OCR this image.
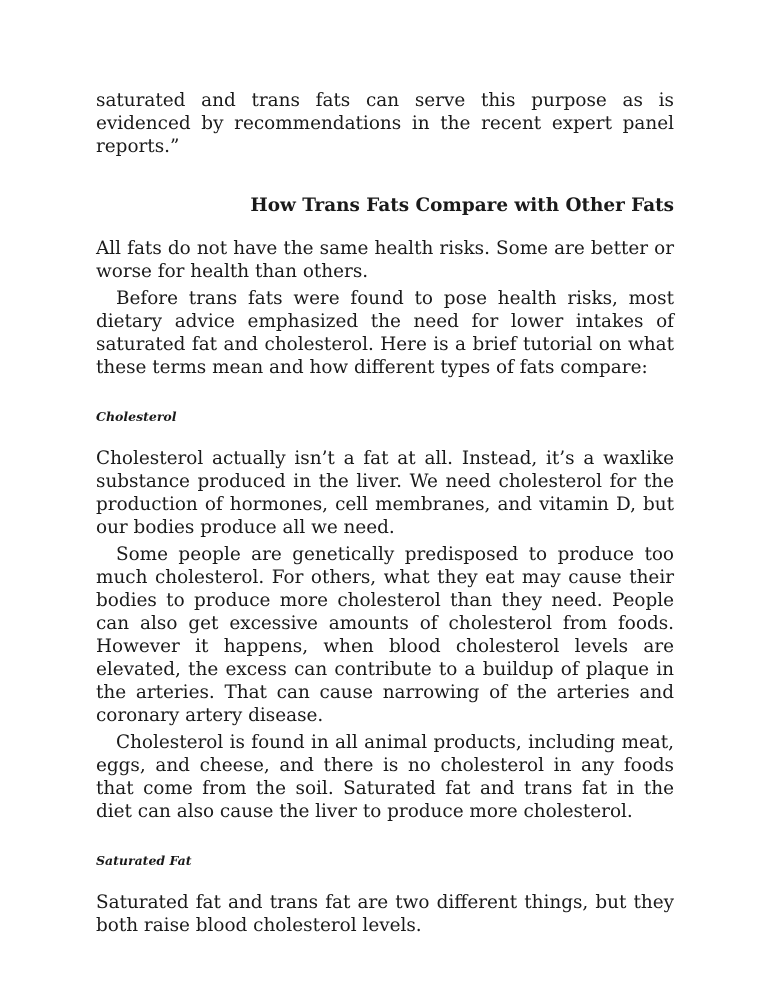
saturated and trans fats can serve this purpose as is evidenced by recommendations in the recent expert panel reports.”

How Trans Fats Compare with Other Fats

All fats do not have the same health risks. Some are better or worse for health than others.

Before trans fats were found to pose health risks, most dietary advice emphasized the need for lower intakes of saturated fat and cholesterol. Here is a brief tutorial on what these terms mean and how different types of fats compare:

Cholesterol

Cholesterol actually isn’t a fat at all. Instead, it’s a waxlike substance produced in the liver. We need cholesterol for the production of hormones, cell membranes, and vitamin D, but our bodies produce all we need.

Some people are genetically predisposed to produce too much cholesterol. For others, what they eat may cause their bodies to produce more cholesterol than they need. People can also get excessive amounts of cholesterol from foods. However it happens, when blood cholesterol levels are elevated, the excess can contribute to a buildup of plaque in the arteries. That can cause narrowing of the arteries and coronary artery disease.

Cholesterol is found in all animal products, including meat, eggs, and cheese, and there is no cholesterol in any foods that come from the soil. Saturated fat and trans fat in the diet can also cause the liver to produce more cholesterol.

Saturated Fat

Saturated fat and trans fat are two different things, but they both raise blood cholesterol levels.
